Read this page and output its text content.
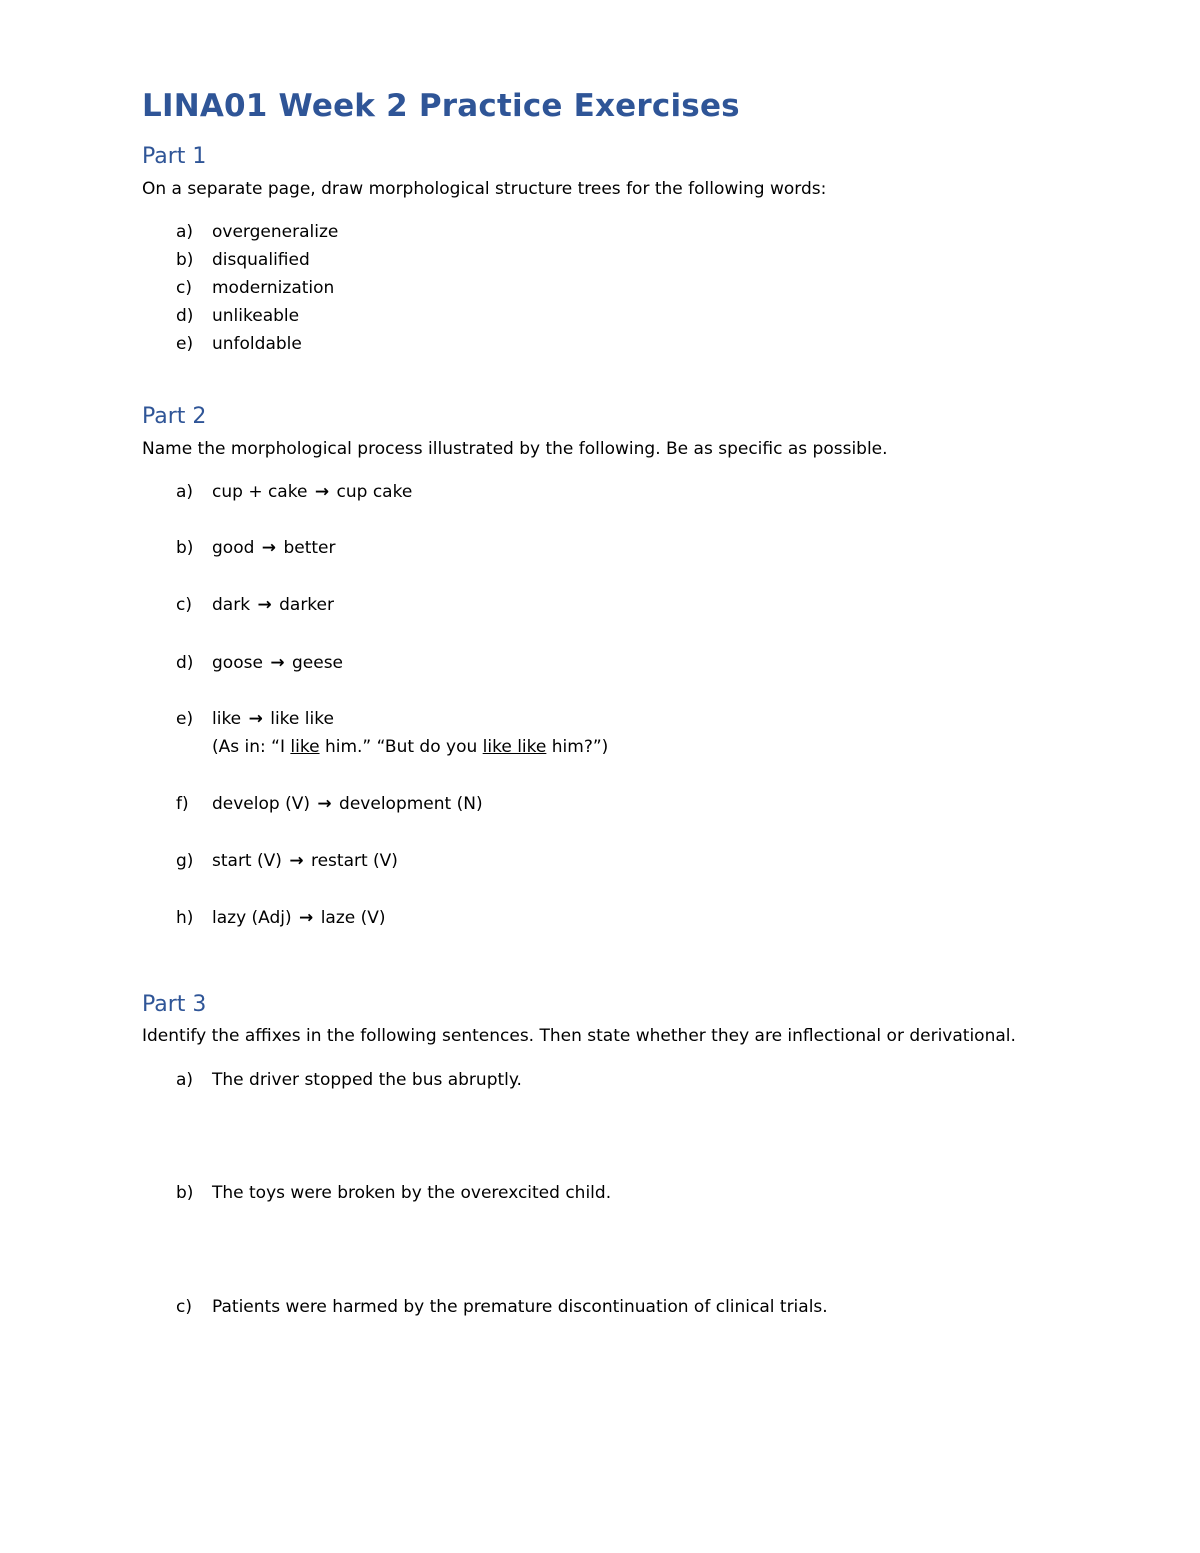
LINA01 Week 2 Practice Exercises
Part 1
On a separate page, draw morphological structure trees for the following words:
a) overgeneralize
b) disqualified
c) modernization
d) unlikeable
e) unfoldable
Part 2
Name the morphological process illustrated by the following. Be as specific as possible.
a) cup + cake → cup cake
b) good → better
c) dark → darker
d) goose → geese
e) like → like like
(As in: “I like him.” “But do you like like him?”)
f) develop (V) → development (N)
g) start (V) → restart (V)
h) lazy (Adj) → laze (V)
Part 3
Identify the affixes in the following sentences. Then state whether they are inflectional or derivational.
a) The driver stopped the bus abruptly.
b) The toys were broken by the overexcited child.
c) Patients were harmed by the premature discontinuation of clinical trials.
